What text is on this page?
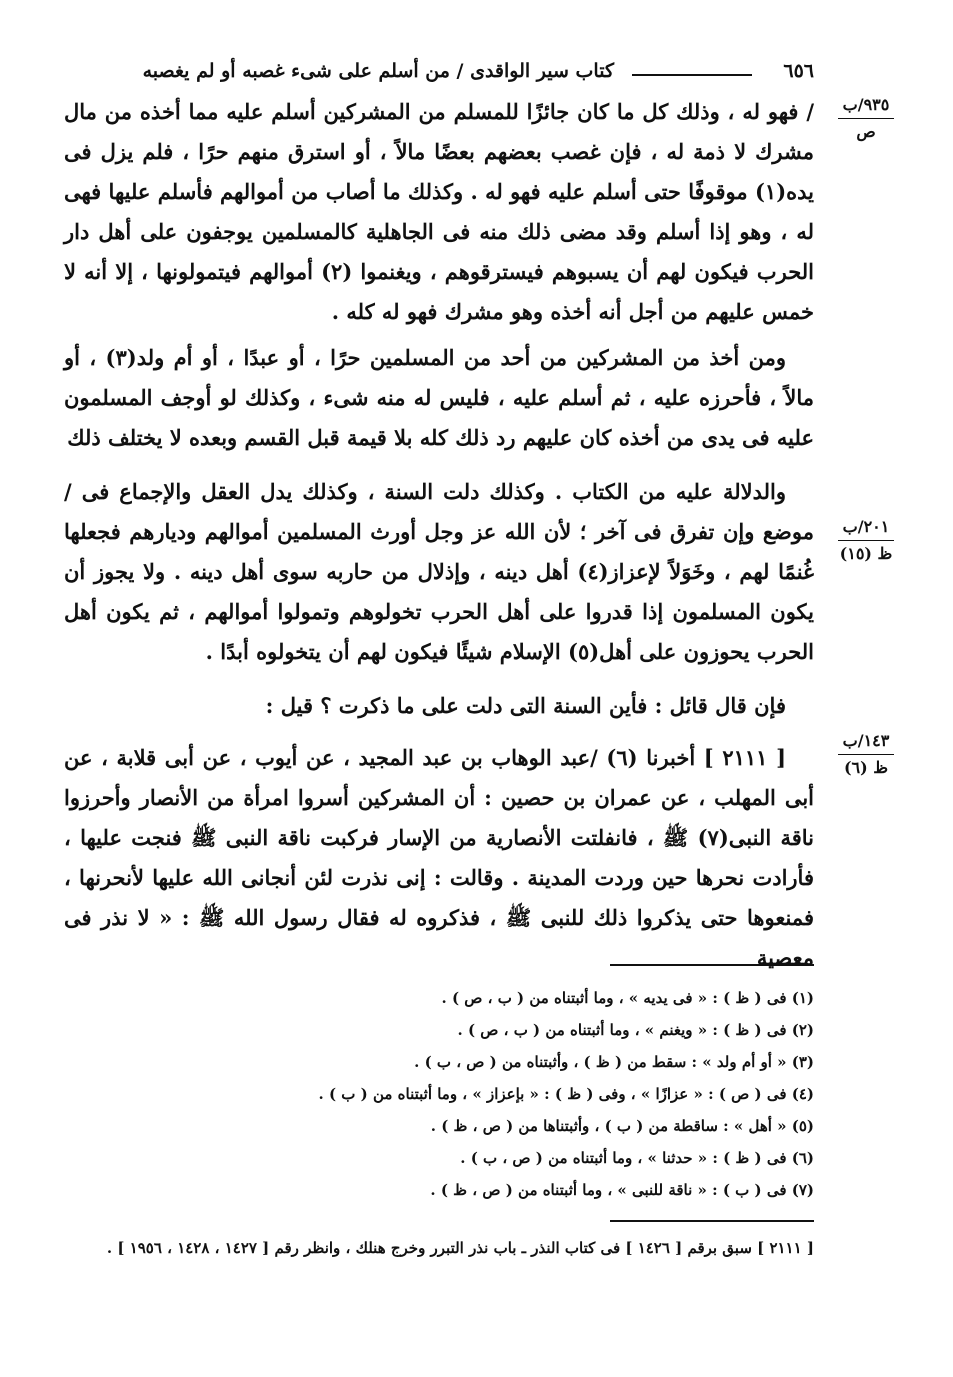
٦٥٦
كتاب سير الواقدى / من أسلم على شىء غصبه أو لم يغصبه
٩٣٥/ب
ص
٢٠١/ب
ظ (١٥)
١٤٣/ب
ظ (٦)
/ فهو له ، وذلك كل ما كان جائزًا للمسلم من المشركين أسلم عليه مما أخذه من مال مشرك لا ذمة له ، فإن غصب بعضهم بعضًا مالاً ، أو استرق منهم حرًا ، فلم يزل فى يده(١) موقوفًا حتى أسلم عليه فهو له . وكذلك ما أصاب من أموالهم فأسلم عليها فهى له ، وهو إذا أسلم وقد مضى ذلك منه فى الجاهلية كالمسلمين يوجفون على أهل دار الحرب فيكون لهم أن يسبوهم فيسترقوهم ، ويغنموا (٢) أموالهم فيتمولونها ، إلا أنه لا خمس عليهم من أجل أنه أخذه وهو مشرك فهو له كله .
ومن أخذ من المشركين من أحد من المسلمين حرًا ، أو عبدًا ، أو أم ولد(٣) ، أو مالاً ، فأحرزه عليه ، ثم أسلم عليه ، فليس له منه شىء ، وكذلك لو أوجف المسلمون عليه فى يدى من أخذه كان عليهم رد ذلك كله بلا قيمة قبل القسم وبعده لا يختلف ذلك
والدلالة عليه من الكتاب . وكذلك دلت السنة ، وكذلك يدل العقل والإجماع فى / موضع وإن تفرق فى آخر ؛ لأن الله عز وجل أورث المسلمين أموالهم وديارهم فجعلها غُنمًا لهم ، وخَوَلاً لإعزاز(٤) أهل دينه ، وإذلال من حاربه سوى أهل دينه . ولا يجوز أن يكون المسلمون إذا قدروا على أهل الحرب تخولوهم وتمولوا أموالهم ، ثم يكون أهل الحرب يحوزون على أهل(٥) الإسلام شيئًا فيكون لهم أن يتخولوه أبدًا .
فإن قال قائل : فأين السنة التى دلت على ما ذكرت ؟ قيل :
[ ٢١١١ ] أخبرنا (٦) /عبد الوهاب بن عبد المجيد ، عن أيوب ، عن أبى قلابة ، عن أبى المهلب ، عن عمران بن حصين : أن المشركين أسروا امرأة من الأنصار وأحرزوا ناقة النبى(٧) ﷺ ، فانفلتت الأنصارية من الإسار فركبت ناقة النبى ﷺ فنجت عليها ، فأرادت نحرها حين وردت المدينة . وقالت : إنى نذرت لئن أنجانى الله عليها لأنحرنها ، فمنعوها حتى يذكروا ذلك للنبى ﷺ ، فذكروه له فقال رسول الله ﷺ : « لا نذر فى معصية
(١) فى ( ظ ) : « فى يديه » ، وما أثبتناه من ( ب ، ص ) .
(٢) فى ( ظ ) : « ويغنم » ، وما أثبتناه من ( ب ، ص ) .
(٣) « أو أم ولد » : سقط من ( ظ ) ، وأثبتناه من ( ص ، ب ) .
(٤) فى ( ص ) : « عزازًا » ، وفى ( ظ ) : « بإعزاز » ، وما أثبتناه من ( ب ) .
(٥) « أهل » : ساقطة من ( ب ) ، وأثبتناها من ( ص ، ظ ) .
(٦) فى ( ظ ) : « حدثنا » ، وما أثبتناه من ( ص ، ب ) .
(٧) فى ( ب ) : « ناقة للنبى » ، وما أثبتناه من ( ص ، ظ ) .
[ ٢١١١ ] سبق برقم [ ١٤٢٦ ] فى كتاب النذر ـ باب نذر التبرر وخرج هنلك ، وانظر رقم [ ١٤٢٧ ، ١٤٢٨ ، ١٩٥٦ ] .
